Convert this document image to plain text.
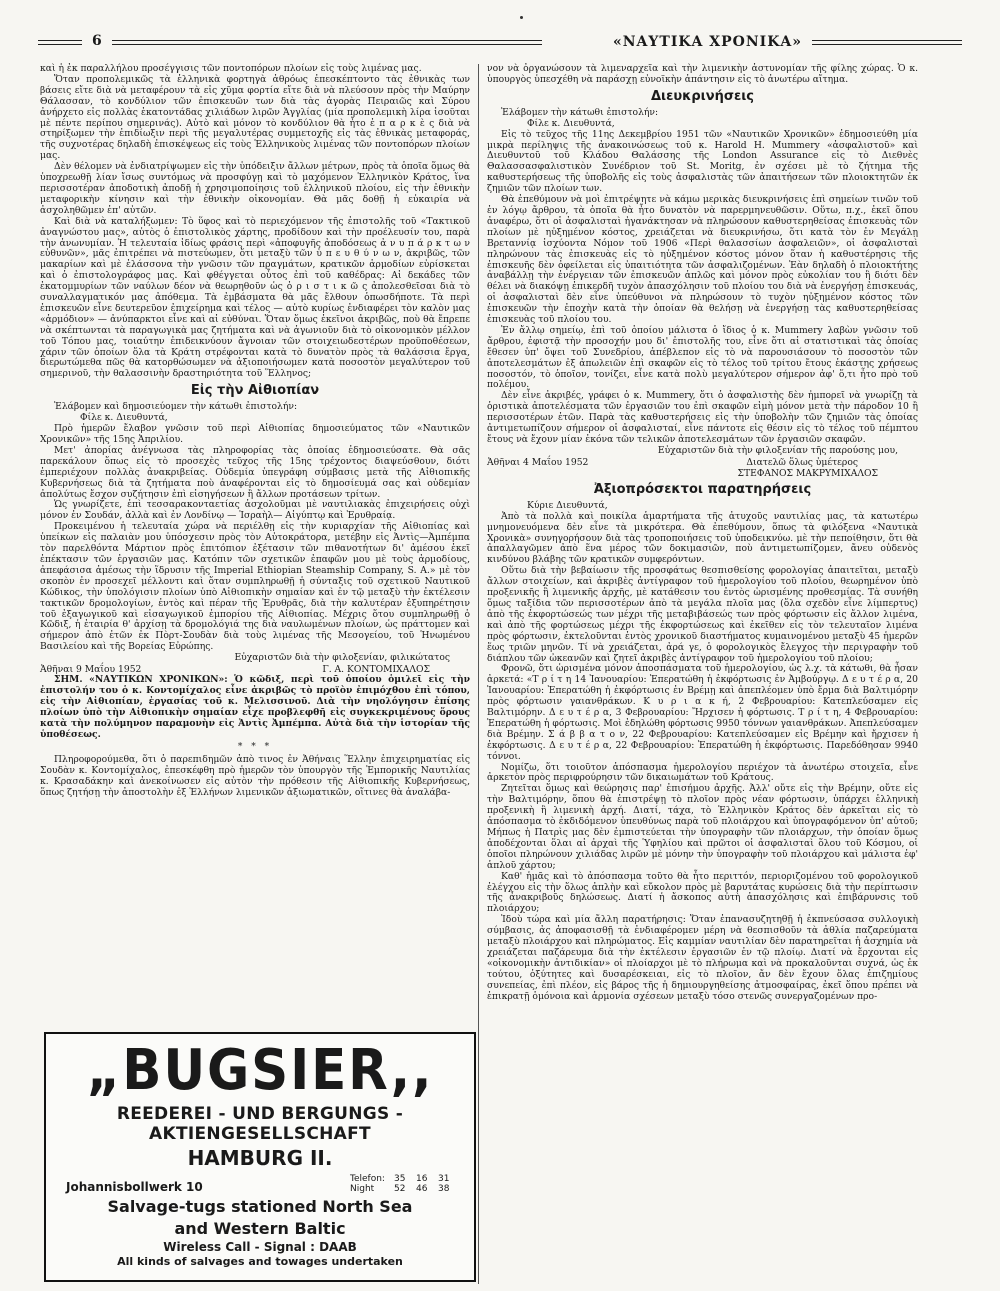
6	«ΝΑΥΤΙΚΑ ΧΡΟΝΙΚΑ»

καὶ ἡ ἐκ παραλλήλου προσέγγισις τῶν ποντοπόρων πλοίων εἰς τοὺς λιμένας μας.

Ὅταν προπολεμικῶς τὰ ἑλληνικὰ φορτηγὰ ἀθρόως ἐπεσκέπτοντο τὰς ἐθνικὰς των βάσεις εἴτε διὰ νὰ μεταφέρουν τὰ εἰς χῦμα φορτία εἴτε διὰ νὰ πλεύσουν πρὸς τὴν Μαύρην Θάλασσαν, τὸ κονδύλιον τῶν ἐπισκευῶν των διὰ τὰς ἀγορὰς Πειραιῶς καὶ Σύρου ἀνήρχετο εἰς πολλὰς ἑκατοντάδας χιλιάδων λιρῶν Ἀγγλίας (μία προπολεμικὴ λίρα ἰσοῦται μὲ πέντε περίπου σημερινάς). Αὐτὸ καὶ μόνον τὸ κονδύλιον θὰ ἦτο ἐ π α ρ κ ὲ ς διὰ νὰ στηρίξωμεν τὴν ἐπιδίωξιν περὶ τῆς μεγαλυτέρας συμμετοχῆς εἰς τὰς ἐθνικὰς μεταφοράς, τῆς συχνοτέρας δηλαδὴ ἐπισκέψεως εἰς τοὺς Ἑλληνικοὺς λιμένας τῶν ποντοπόρων πλοίων μας.

Δὲν θέλομεν νὰ ἐνδιατρίψωμεν εἰς τὴν ὑπόδειξιν ἄλλων μέτρων, πρὸς τὰ ὁποῖα ὅμως θὰ ὑποχρεωθῇ λίαν ἴσως συντόμως νὰ προσφύγῃ καὶ τὸ μαχόμενον Ἑλληνικὸν Κράτος, ἵνα περισσοτέραν ἀποδοτικὴ ἀποδῇ ἡ χρησιμοποίησις τοῦ ἑλληνικοῦ πλοίου, εἰς τὴν ἐθνικὴν μεταφορικὴν κίνησιν καὶ τὴν ἐθνικὴν οἰκονομίαν. Θὰ μᾶς δοθῇ ἡ εὐκαιρία νὰ ἀσχοληθῶμεν ἐπ' αὐτῶν.

Καὶ διὰ νὰ καταλήξωμεν: Τὸ ὕφος καὶ τὸ περιεχόμενον τῆς ἐπιστολῆς τοῦ «Τακτικοῦ ἀναγνώστου μας», αὐτὸς ὁ ἐπιστολικὸς χάρτης, προδίδουν καὶ τὴν προέλευσίν του, παρὰ τὴν ἀνωνυμίαν. Ἡ τελευταία ἰδίως φράσις περὶ «ἀποφυγῆς ἀποδόσεως ἀ ν υ π ά ρ κ τ ω ν εὐθυνῶν», μᾶς ἐπιτρέπει νὰ πιστεύωμεν, ὅτι μεταξὺ τῶν ὑ π ε υ θ ύ ν ω ν, ἀκριβῶς, τῶν μακαρίων καὶ μὲ ἐλάσσονα τὴν γνῶσιν τῶν πραγμάτων, κρατικῶν ἁρμοδίων εὑρίσκεται καὶ ὁ ἐπιστολογράφος μας. Καὶ φθέγγεται οὗτος ἐπὶ τοῦ καθέδρας: Αἱ δεκάδες τῶν ἑκατομμυρίων τῶν ναύλων δέον νὰ θεωρηθοῦν ὡς ὁ ρ ι σ τ ι κ ῶ ς ἀπολεσθεῖσαι διὰ τὸ συναλλαγματικόν μας ἀπόθεμα. Τὰ ἐμβάσματα θὰ μᾶς ἔλθουν ὁπωσδήποτε. Τὰ περὶ ἐπισκευῶν εἶνε δευτερεῦον ἐπιχείρημα καὶ τέλος — αὐτὸ κυρίως ἐνδιαφέρει τὸν καλὸν μας «ἁρμόδιον» — ἀνύπαρκτοι εἶνε καὶ αἱ εὐθύναι. Ὅταν ὅμως ἐκεῖνοι ἀκριβῶς, ποὺ θὰ ἔπρεπε νὰ σκέπτωνται τὰ παραγωγικὰ μας ζητήματα καὶ νὰ ἀγωνιοῦν διὰ τὸ οἰκονομικὸν μέλλον τοῦ Τόπου μας, τοιαύτην ἐπιδεικνύουν ἄγνοιαν τῶν στοιχειωδεστέρων προϋποθέσεων, χάριν τῶν ὁποίων ὅλα τὰ Κράτη στρέφονται κατὰ τὸ δυνατὸν πρὸς τὰ θαλάσσια ἔργα, διερωτώμεθα πῶς θὰ κατορθώσωμεν νὰ ἀξιοποιήσωμεν κατὰ ποσοστὸν μεγαλύτερον τοῦ σημερινοῦ, τὴν θαλασσινὴν δραστηριότητα τοῦ Ἕλληνος;

Εἰς τὴν Αἰθιοπίαν

Ἐλάβομεν καὶ δημοσιεύομεν τὴν κάτωθι ἐπιστολήν:

Φίλε κ. Διευθυντά,

Πρὸ ἡμερῶν ἔλαβον γνῶσιν τοῦ περὶ Αἰθιοπίας δημοσιεύματος τῶν «Ναυτικῶν Χρονικῶν» τῆς 15ης Ἀπριλίου.

Μετ' ἀπορίας ἀνέγνωσα τὰς πληροφορίας τὰς ὁποίας ἐδημοσιεύσατε. Θὰ σᾶς παρεκάλουν ὅπως εἰς τὸ προσεχὲς τεῦχος τῆς 15ης τρέχοντος διαψεύσθουν, διότι ἐμπεριέχουν πολλὰς ἀνακριβείας. Οὐδεμία ὑπεγράφη σύμβασις μετὰ τῆς Αἰθιοπικῆς Κυβερνήσεως διὰ τὰ ζητήματα ποὺ ἀναφέρονται εἰς τὸ δημοσίευμά σας καὶ οὐδεμίαν ἀπολύτως ἔσχον συζήτησιν ἐπὶ εἰσηγήσεων ἢ ἄλλων προτάσεων τρίτων.

Ὡς γνωρίζετε, ἐπὶ τεσσαρακονταετίας ἀσχολοῦμαι μὲ ναυτιλιακὰς ἐπιχειρήσεις οὐχὶ μόνον ἐν Σουδάν, ἀλλὰ καὶ ἐν Λονδίνῳ — Ἰσραὴλ— Αἰγύπτῳ καὶ Ἐρυθραίᾳ.

Προκειμένου ἡ τελευταία χώρα νὰ περιέλθῃ εἰς τὴν κυριαρχίαν τῆς Αἰθιοπίας καὶ ὑπείκων εἰς παλαιὰν μου ὑπόσχεσιν πρὸς τὸν Αὐτοκράτορα, μετέβην εἰς Ἀντὶς—Ἀμπέμπα τὸν παρελθόντα Μάρτιον πρὸς ἐπιτόπιον ἐξέτασιν τῶν πιθανοτήτων δι' ἀμέσου ἐκεῖ ἐπέκτασιν τῶν ἐργασιῶν μας. Κατόπιν τῶν σχετικῶν ἐπαφῶν μου μὲ τοὺς ἁρμοδίους, ἀπεφάσισα ἀμέσως τὴν ἵδρυσιν τῆς Imperial Ethiopian Steamship Company, S. A.» μὲ τὸν σκοπὸν ἐν προσεχεῖ μέλλοντι καὶ ὅταν συμπληρωθῇ ἡ σύνταξις τοῦ σχετικοῦ Ναυτικοῦ Κώδικος, τὴν ὑπολόγισιν πλοίων ὑπὸ Αἰθιοπικὴν σημαίαν καὶ ἐν τῷ μεταξὺ τὴν ἐκτέλεσιν τακτικῶν δρομολογίων, ἐντὸς καὶ πέραν τῆς Ἐρυθρᾶς, διὰ τὴν καλυτέραν ἐξυπηρέτησιν τοῦ ἐξαγωγικοῦ καὶ εἰσαγωγικοῦ ἐμπορίου τῆς Αἰθιοπίας. Μέχρις ὅτου συμπληρωθῇ ὁ Κῶδιξ, ἡ ἑταιρία θ' ἀρχίσῃ τὰ δρομολόγιά της διὰ ναυλωμένων πλοίων, ὡς πράττομεν καὶ σήμερον ἀπὸ ἐτῶν ἐκ Πὸρτ-Σουδὰν διὰ τοὺς λιμένας τῆς Μεσογείου, τοῦ Ἡνωμένου Βασιλείου καὶ τῆς Βορείας Εὐρώπης.

Εὐχαριστῶν διὰ τὴν φιλοξενίαν, φιλικώτατος

Ἀθῆναι 9 Μαΐου 1952	Γ. Α. ΚΟΝΤΟΜΙΧΑΛΟΣ

ΣΗΜ. «ΝΑΥΤΙΚΩΝ ΧΡΟΝΙΚΩΝ»: Ὁ κῶδιξ, περὶ τοῦ ὁποίου ὁμιλεῖ εἰς τὴν ἐπιστολήν του ὁ κ. Κοντομίχαλος εἶνε ἀκριβῶς τὸ προϊὸν ἐπιμόχθου ἐπὶ τόπου, εἰς τὴν Αἰθιοπίαν, ἐργασίας τοῦ κ. Μελισσινοῦ. Διὰ τὴν νηολόγησιν ἐπίσης πλοίων ὑπὸ τὴν Αἰθιοπικὴν σημαίαν εἶχε προβλεφθῆ εἰς συγκεκριμένους ὅρους κατὰ τὴν πολύμηνον παραμονὴν εἰς Ἀντὶς Ἀμπέμπα. Αὐτὰ διὰ τὴν ἱστορίαν τῆς ὑποθέσεως.

* * *

Πληροφορούμεθα, ὅτι ὁ παρεπιδημῶν ἀπὸ τινος ἐν Ἀθήναις Ἕλλην ἐπιχειρηματίας εἰς Σουδὰν κ. Κοντομίχαλος, ἐπεσκέφθη πρὸ ἡμερῶν τὸν ὑπουργὸν τῆς Ἐμπορικῆς Ναυτιλίας κ. Κρασαδάκην καὶ ἀνεκοίνωσεν εἰς αὐτὸν τὴν πρόθεσιν τῆς Αἰθιοπικῆς Κυβερνήσεως, ὅπως ζητήσῃ τὴν ἀποστολὴν ἐξ Ἑλλήνων λιμενικῶν ἀξιωματικῶν, οἵτινες θὰ ἀναλάβα-

„BUGSIER,,
REEDEREI - UND BERGUNGS - AKTIENGESELLSCHAFT
HAMBURG II.
Johannisbollwerk 10
Telefon:	35	16	31
Night	52	46	38
Salvage-tugs stationed North Sea
and Western Baltic
Wireless Call - Signal : DAAB
All kinds of salvages and towages undertaken

νον νὰ ὀργανώσουν τὰ λιμεναρχεῖα καὶ τὴν λιμενικὴν ἀστυνομίαν τῆς φίλης χώρας. Ὁ κ. ὑπουργὸς ὑπεσχέθη νὰ παράσχῃ εὐνοϊκὴν ἀπάντησιν εἰς τὸ ἀνωτέρω αἴτημα.

Διευκρινήσεις

Ἐλάβομεν τὴν κάτωθι ἐπιστολήν:

Φίλε κ. Διευθυντά,

Εἰς τὸ τεῦχος τῆς 11ης Δεκεμβρίου 1951 τῶν «Ναυτικῶν Χρονικῶν» ἐδημοσιεύθη μία μικρὰ περίληψις τῆς ἀνακοινώσεως τοῦ κ. Harold H. Mummery «ἀσφαλιστοῦ» καὶ Διευθυντοῦ τοῦ Κλάδου Θαλάσσης τῆς London Assurance εἰς τὸ Διεθνὲς Θαλασσασφαλιστικὸν Συνέδριον τοῦ St. Moritg, ἐν σχέσει μὲ τὸ ζήτημα τῆς καθυστερήσεως τῆς ὑποβολῆς εἰς τοὺς ἀσφαλιστὰς τῶν ἀπαιτήσεων τῶν πλοιοκτητῶν ἐκ ζημιῶν τῶν πλοίων των.

Θὰ ἐπεθύμουν νὰ μοὶ ἐπιτρέψητε νὰ κάμω μερικὰς διευκρινήσεις ἐπὶ σημείων τινῶν τοῦ ἐν λόγῳ ἄρθρου, τὰ ὁποῖα θὰ ἦτο δυνατὸν νὰ παρερμηνευθῶσιν. Οὕτω, π.χ., ἐκεῖ ὅπου ἀναφέρω, ὅτι οἱ ἀσφαλισταὶ ἠγανάκτησαν νὰ πληρώσουν καθυστερηθείσας ἐπισκευὰς τῶν πλοίων μὲ ηὐξημένον κόστος, χρειάζεται νὰ διευκρινήσω, ὅτι κατὰ τὸν ἐν Μεγάλῃ Βρεταννίᾳ ἰσχύοντα Νόμον τοῦ 1906 «Περὶ θαλασσίων ἀσφαλειῶν», οἱ ἀσφαλισταὶ πληρώνουν τὰς ἐπισκευὰς εἰς τὸ ηὐξημένον κόστος μόνον ὅταν ἡ καθυστέρησις τῆς ἐπισκευῆς δὲν ὀφείλεται εἰς ὑπαιτιότητα τῶν ἀσφαλιζομένων. Ἐὰν δηλαδὴ ὁ πλοιοκτήτης ἀναβάλλῃ τὴν ἐνέργειαν τῶν ἐπισκευῶν ἁπλῶς καὶ μόνον πρὸς εὐκολίαν του ἢ διότι δὲν θέλει νὰ διακόψῃ ἐπικερδῆ τυχὸν ἀπασχόλησιν τοῦ πλοίου του διὰ νὰ ἐνεργήσῃ ἐπισκευάς, οἱ ἀσφαλισταὶ δὲν εἶνε ὑπεύθυνοι νὰ πληρώσουν τὸ τυχὸν ηὐξημένον κόστος τῶν ἐπισκευῶν τὴν ἐποχὴν κατὰ τὴν ὁποίαν θὰ θελήσῃ νὰ ἐνεργήσῃ τὰς καθυστερηθείσας ἐπισκευὰς τοῦ πλοίου του.

Ἐν ἄλλῳ σημείῳ, ἐπὶ τοῦ ὁποίου μάλιστα ὁ ἴδιος ὁ κ. Mummery λαβὼν γνῶσιν τοῦ ἄρθρου, ἐφιστᾷ τὴν προσοχήν μου δι' ἐπιστολῆς του, εἶνε ὅτι αἱ στατιστικαὶ τὰς ὁποίας ἔθεσεν ὑπ' ὄψει τοῦ Συνεδρίου, ἀπέβλεπον εἰς τὸ νὰ παρουσιάσουν τὸ ποσοστὸν τῶν ἀποτελεσμάτων ἐξ ἀπωλειῶν ἐπὶ σκαφῶν εἰς τὸ τέλος τοῦ τρίτου ἔτους ἑκάστης χρήσεως ποσοστόν, τὸ ὁποῖον, τονίζει, εἶνε κατὰ πολὺ μεγαλύτερον σήμερον ἀφ' ὅ,τι ἦτο πρὸ τοῦ πολέμου.

Δὲν εἶνε ἀκριβές, γράφει ὁ κ. Mummery, ὅτι ὁ ἀσφαλιστὴς δὲν ἠμπορεῖ νὰ γνωρίζῃ τὰ ὁριστικὰ ἀποτελέσματα τῶν ἐργασιῶν του ἐπὶ σκαφῶν εἰμὴ μόνον μετὰ τὴν πάροδον 10 ἢ περισσοτέρων ἐτῶν. Παρὰ τὰς καθυστερήσεις εἰς τὴν ὑποβολὴν τῶν ζημιῶν τὰς ὁποίας ἀντιμετωπίζουν σήμερον οἱ ἀσφαλισταί, εἶνε πάντοτε εἰς θέσιν εἰς τὸ τέλος τοῦ πέμπτου ἔτους νὰ ἔχουν μίαν ἐκόνα τῶν τελικῶν ἀποτελεσμάτων τῶν ἐργασιῶν σκαφῶν.

Εὐχαριστῶν διὰ τὴν φιλοξενίαν τῆς παρούσης μου,

Ἀθῆναι 4 Μαΐου 1952	Διατελῶ ὅλως ὑμέτερος
ΣΤΕΦΑΝΟΣ ΜΑΚΡΥΜΙΧΑΛΟΣ
Ἀξιοπρόσεκτοι παρατηρήσεις

Κύριε Διευθυντά,

Ἀπὸ τὰ πολλὰ καὶ ποικίλα ἁμαρτήματα τῆς ἀτυχοῦς ναυτιλίας μας, τὰ κατωτέρω μνημονευόμενα δὲν εἶνε τὰ μικρότερα. Θὰ ἐπεθύμουν, ὅπως τὰ φιλόξενα «Ναυτικὰ Χρονικὰ» συνηγορήσουν διὰ τὰς τροποποιήσεις τοῦ ὑποδεικνύω. μὲ τὴν πεποίθησιν, ὅτι θὰ ἀπαλλαγῶμεν ἀπὸ ἕνα μέρος τῶν δοκιμασιῶν, ποὺ ἀντιμετωπίζομεν, ἄνευ οὐδενὸς κινδύνου βλάβης τῶν κρατικῶν συμφερόντων.

Οὕτω διὰ τὴν βεβαίωσιν τῆς προσφάτως θεσπισθείσης φορολογίας ἀπαιτεῖται, μεταξὺ ἄλλων στοιχείων, καὶ ἀκριβὲς ἀντίγραφον τοῦ ἡμερολογίου τοῦ πλοίου, θεωρημένον ὑπὸ προξενικῆς ἢ λιμενικῆς ἀρχῆς, μὲ κατάθεσιν του ἐντὸς ὡρισμένης προθεσμίας. Τὰ συνήθη ὅμως ταξίδια τῶν περισσοτέρων ἀπὸ τὰ μεγάλα πλοῖα μας (ὅλα σχεδὸν εἶνε λίμπερτυς) ἀπὸ τῆς ἐκφορτώσεώς των μέχρι τῆς μεταβιβάσεώς των πρὸς φόρτωσιν εἰς ἄλλον λιμένα, καὶ ἀπὸ τῆς φορτώσεως μέχρι τῆς ἐκφορτώσεως καὶ ἐκεῖθεν εἰς τὸν τελευταῖον λιμένα πρὸς φόρτωσιν, ἐκτελοῦνται ἐντὸς χρονικοῦ διαστήματος κυμαινομένου μεταξὺ 45 ἡμερῶν ἕως τριῶν μηνῶν. Τί νὰ χρειάζεται, ἀρά γε, ὁ φορολογικὸς ἔλεγχος τὴν περιγραφὴν τοῦ διάπλου τῶν ὠκεανῶν καὶ ζητεῖ ἀκριβὲς ἀντίγραφον τοῦ ἡμερολογίου τοῦ πλοίου;

Φρονῶ, ὅτι ὡρισμένα μόνον ἀποσπάσματα τοῦ ἡμερολογίου, ὡς λ.χ. τὰ κάτωθι, θὰ ἦσαν ἀρκετά: «Τ ρ ί τ η 14 Ἰανουαρίου: Ἐπερατώθη ἡ ἐκφόρτωσις ἐν Ἀμβούργῳ. Δ ε υ τ έ ρ α, 20 Ἰανουαρίου: Ἐπερατώθη ἡ ἐκφόρτωσις ἐν Βρέμῃ καὶ ἀπεπλέομεν ὑπὸ ἔρμα διὰ Βαλτιμόρην πρὸς φόρτωσιν γαιανθράκων. Κ υ ρ ι α κ ή, 2 Φεβρουαρίου: Κατεπλεύσαμεν εἰς Βαλτιμόρην. Δ ε υ τ έ ρ α, 3 Φεβρουαρίου: Ἤρχισεν ἡ φόρτωσις. Τ ρ ί τ η, 4 Φεβρουαρίου: Ἐπερατώθη ἡ φόρτωσις. Μοὶ ἐδηλώθη φόρτωσις 9950 τόννων γαιανθράκων. Ἀπεπλεύσαμεν διὰ Βρέμην. Σ ά β β α τ ο ν, 22 Φεβρουαρίου: Κατεπλεύσαμεν εἰς Βρέμην καὶ ἤρχισεν ἡ ἐκφόρτωσις. Δ ε υ τ έ ρ α, 22 Φεβρουαρίου: Ἐπερατώθη ἡ ἐκφόρτωσις. Παρεδόθησαν 9940 τόννοι.

Νομίζω, ὅτι τοιοῦτον ἀπόσπασμα ἡμερολογίου περιέχον τὰ ἀνωτέρω στοιχεῖα, εἶνε ἀρκετὸν πρὸς περιφρούρησιν τῶν δικαιωμάτων τοῦ Κράτους.

Ζητεῖται ὅμως καὶ θεώρησις παρ' ἐπισήμου ἀρχῆς. Ἀλλ' οὔτε εἰς τὴν Βρέμην, οὔτε εἰς τὴν Βαλτιμόρην, ὅπου θὰ ἐπιστρέψῃ τὸ πλοῖον πρὸς νέαν φόρτωσιν, ὑπάρχει ἑλληνικὴ προξενικὴ ἢ λιμενικὴ ἀρχή. Διατί, τάχα, τὸ Ἑλληνικὸν Κράτος δὲν ἀρκεῖται εἰς τὸ ἀπόσπασμα τὸ ἐκδιδόμενον ὑπευθύνως παρὰ τοῦ πλοιάρχου καὶ ὑπογραφόμενον ὑπ' αὐτοῦ; Μήπως ἡ Πατρὶς μας δὲν ἐμπιστεύεται τὴν ὑπογραφὴν τῶν πλοιάρχων, τὴν ὁποίαν ὅμως ἀποδέχονται ὅλαι αἱ ἀρχαὶ τῆς Ὑφηλίου καὶ πρῶτοι οἱ ἀσφαλισταὶ ὅλου τοῦ Κόσμου, οἱ ὁποῖοι πληρώνουν χιλιάδας λιρῶν μὲ μόνην τὴν ὑπογραφὴν τοῦ πλοιάρχου καὶ μάλιστα ἐφ' ἁπλοῦ χάρτου;

Καθ' ἡμᾶς καὶ τὸ ἀπόσπασμα τοῦτο θὰ ἦτο περιττόν, περιοριζομένου τοῦ φορολογικοῦ ἐλέγχου εἰς τὴν ὅλως ἀπλὴν καὶ εὔκολον πρὸς μὲ βαρυτάτας κυρώσεις διὰ τὴν περίπτωσιν τῆς ἀνακριβοῦς δηλώσεως. Διατί ἡ ἄσκοπος αὐτὴ ἀπασχόλησις καὶ ἐπιβάρυνσις τοῦ πλοιάρχου;

Ἰδοὺ τώρα καὶ μία ἄλλη παρατήρησις: Ὅταν ἐπανασυζητηθῇ ἡ ἐκπνεύσασα συλλογικὴ σύμβασις, ἀς ἀποφασισθῇ τὰ ἐνδιαφέρομεν μέρη νὰ θεσπισθοῦν τὰ ἀθλία παζαρεύματα μεταξὺ πλοιάρχου καὶ πληρώματος. Εἰς καμμίαν ναυτιλίαν δὲν παρατηρεῖται ἡ ἀσχημία νὰ χρειάζεται παζάρευμα διὰ τὴν ἐκτέλεσιν ἐργασιῶν ἐν τῷ πλοίῳ. Διατί νὰ ἔρχονται εἰς «οἰκονομικὴν ἀντιδικίαν» οἱ πλοίαρχοι μὲ τὸ πλήρωμα καὶ νὰ προκαλοῦνται συχνά, ὡς ἐκ τούτου, ὀξύτητες καὶ δυσαρέσκειαι, εἰς τὸ πλοῖον, ἄν δὲν ἔχουν ὅλας ἐπιζημίους συνεπείας, ἐπὶ πλέον, εἰς βάρος τῆς ἡ δημιουργηθείσης ἀτμοσφαίρας, ἐκεῖ ὅπου πρέπει νὰ ἐπικρατῇ ὁμόνοια καὶ ἁρμονία σχέσεων μεταξὺ τόσο στενῶς συνεργαζομένων προ-
